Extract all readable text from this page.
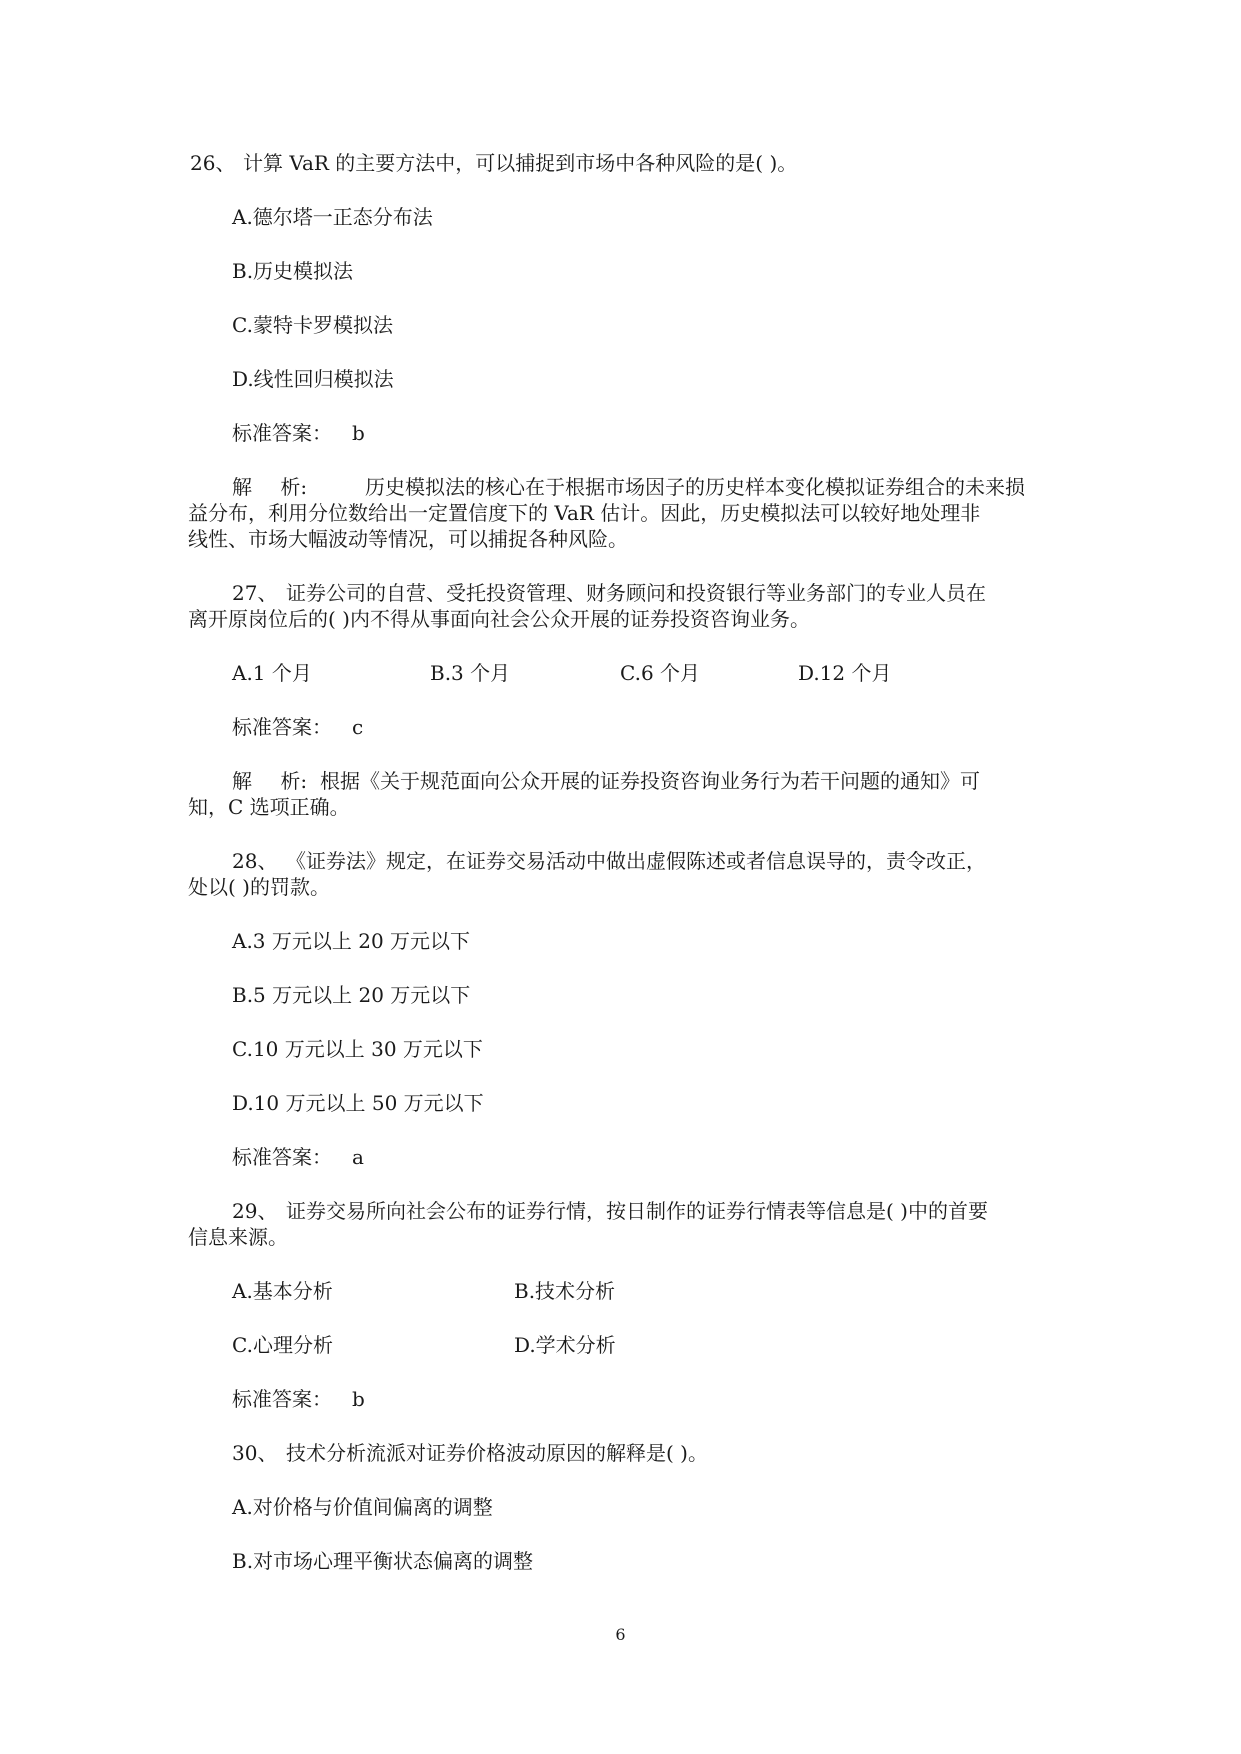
26、 计算 VaR 的主要方法中，可以捕捉到市场中各种风险的是( )。
A.德尔塔一正态分布法
B.历史模拟法
C.蒙特卡罗模拟法
D.线性回归模拟法
标准答案： b
解 析:	历史模拟法的核心在于根据市场因子的历史样本变化模拟证券组合的未来损
益分布，利用分位数给出一定置信度下的 VaR 估计。因此，历史模拟法可以较好地处理非
线性、市场大幅波动等情况，可以捕捉各种风险。
27、 证券公司的自营、受托投资管理、财务顾问和投资银行等业务部门的专业人员在
离开原岗位后的( )内不得从事面向社会公众开展的证券投资咨询业务。
A.1 个月	B.3 个月	C.6 个月	D.12 个月
标准答案： c
解 析: 根据《关于规范面向公众开展的证券投资咨询业务行为若干问题的通知》可
知，C 选项正确。
28、 《证券法》规定，在证券交易活动中做出虚假陈述或者信息误导的，责令改正，
处以( )的罚款。
A.3 万元以上 20 万元以下
B.5 万元以上 20 万元以下
C.10 万元以上 30 万元以下
D.10 万元以上 50 万元以下
标准答案： a
29、 证券交易所向社会公布的证券行情，按日制作的证券行情表等信息是( )中的首要
信息来源。
A.基本分析	B.技术分析
C.心理分析	D.学术分析
标准答案： b
30、 技术分析流派对证券价格波动原因的解释是( )。
A.对价格与价值间偏离的调整
B.对市场心理平衡状态偏离的调整
6
